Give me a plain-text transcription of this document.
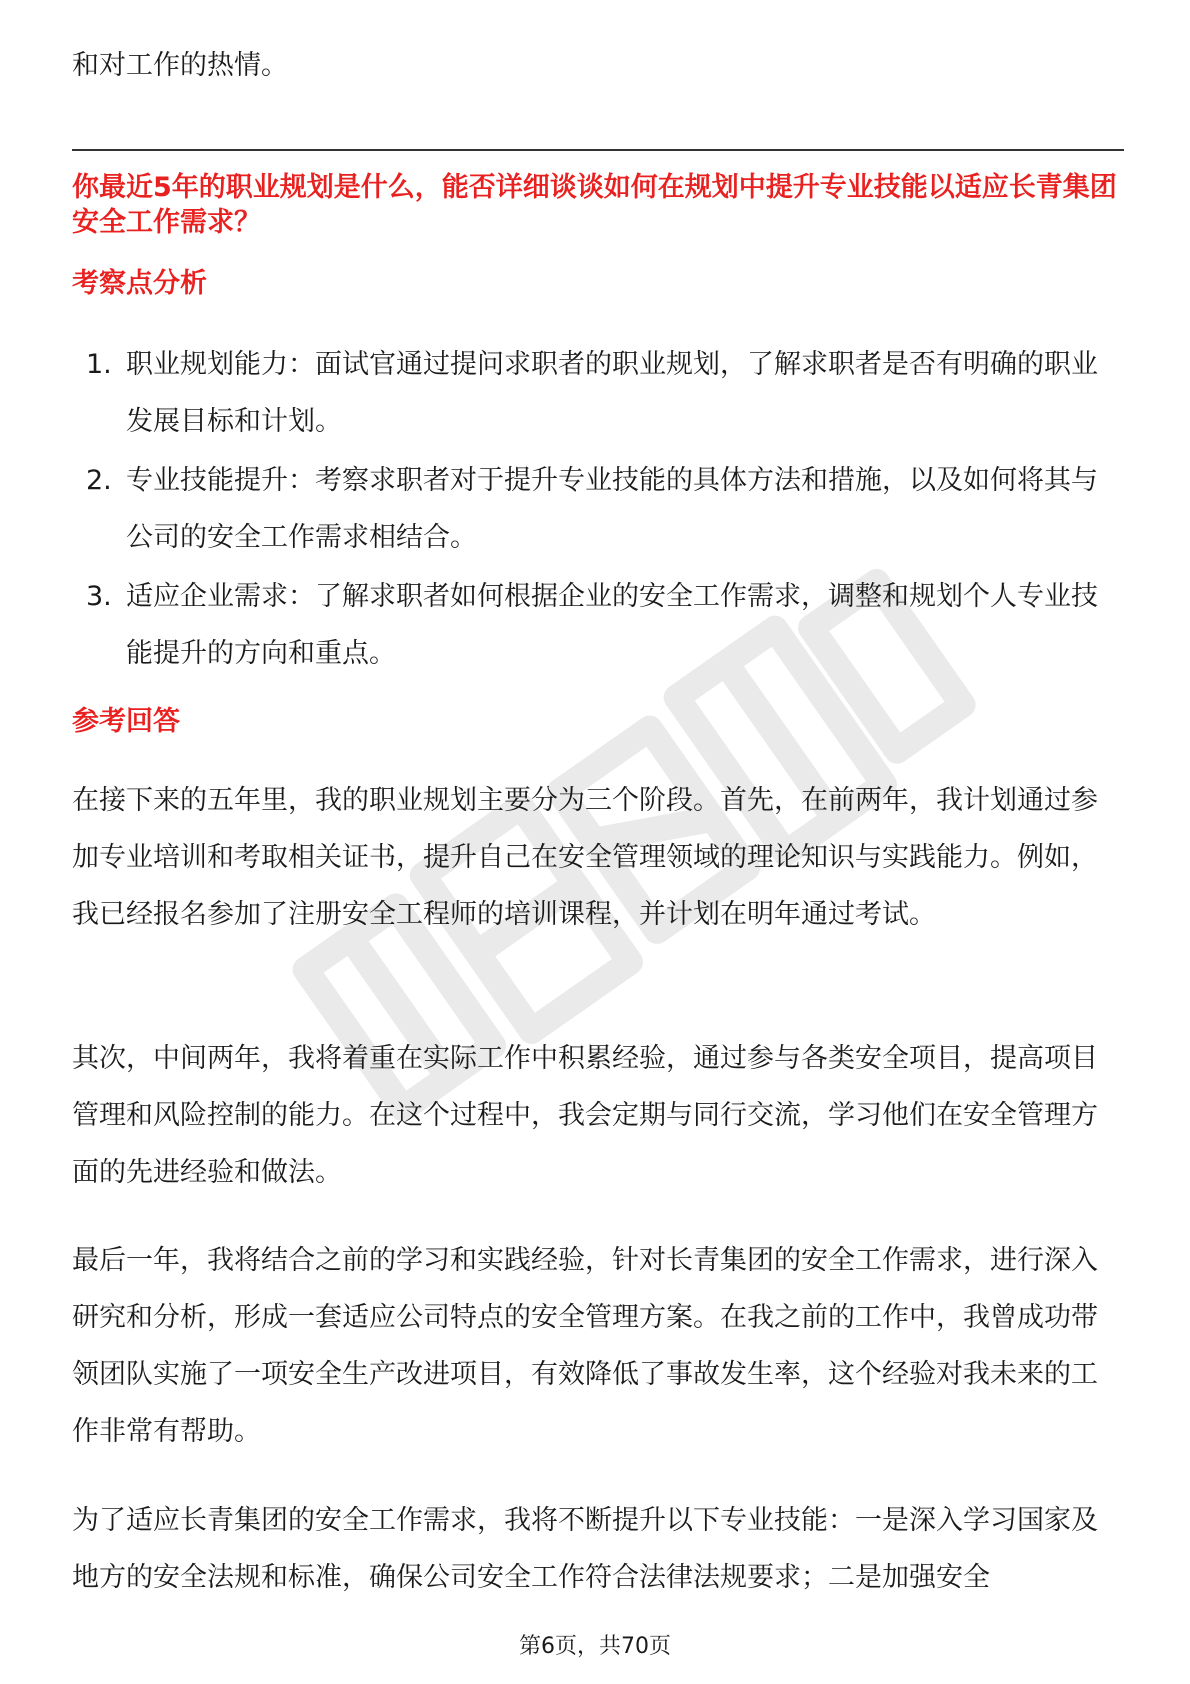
和对工作的热情。

你最近5年的职业规划是什么，能否详细谈谈如何在规划中提升专业技能以适应长青集团安全工作需求？
考察点分析
1. 职业规划能力：面试官通过提问求职者的职业规划，了解求职者是否有明确的职业发展目标和计划。
2. 专业技能提升：考察求职者对于提升专业技能的具体方法和措施，以及如何将其与公司的安全工作需求相结合。
3. 适应企业需求：了解求职者如何根据企业的安全工作需求，调整和规划个人专业技能提升的方向和重点。
参考回答

在接下来的五年里，我的职业规划主要分为三个阶段。首先，在前两年，我计划通过参加专业培训和考取相关证书，提升自己在安全管理领域的理论知识与实践能力。例如，我已经报名参加了注册安全工程师的培训课程，并计划在明年通过考试。

其次，中间两年，我将着重在实际工作中积累经验，通过参与各类安全项目，提高项目管理和风险控制的能力。在这个过程中，我会定期与同行交流，学习他们在安全管理方面的先进经验和做法。

最后一年，我将结合之前的学习和实践经验，针对长青集团的安全工作需求，进行深入研究和分析，形成一套适应公司特点的安全管理方案。在我之前的工作中，我曾成功带领团队实施了一项安全生产改进项目，有效降低了事故发生率，这个经验对我未来的工作非常有帮助。

为了适应长青集团的安全工作需求，我将不断提升以下专业技能：一是深入学习国家及地方的安全法规和标准，确保公司安全工作符合法律法规要求；二是加强安全

第6页，共70页
